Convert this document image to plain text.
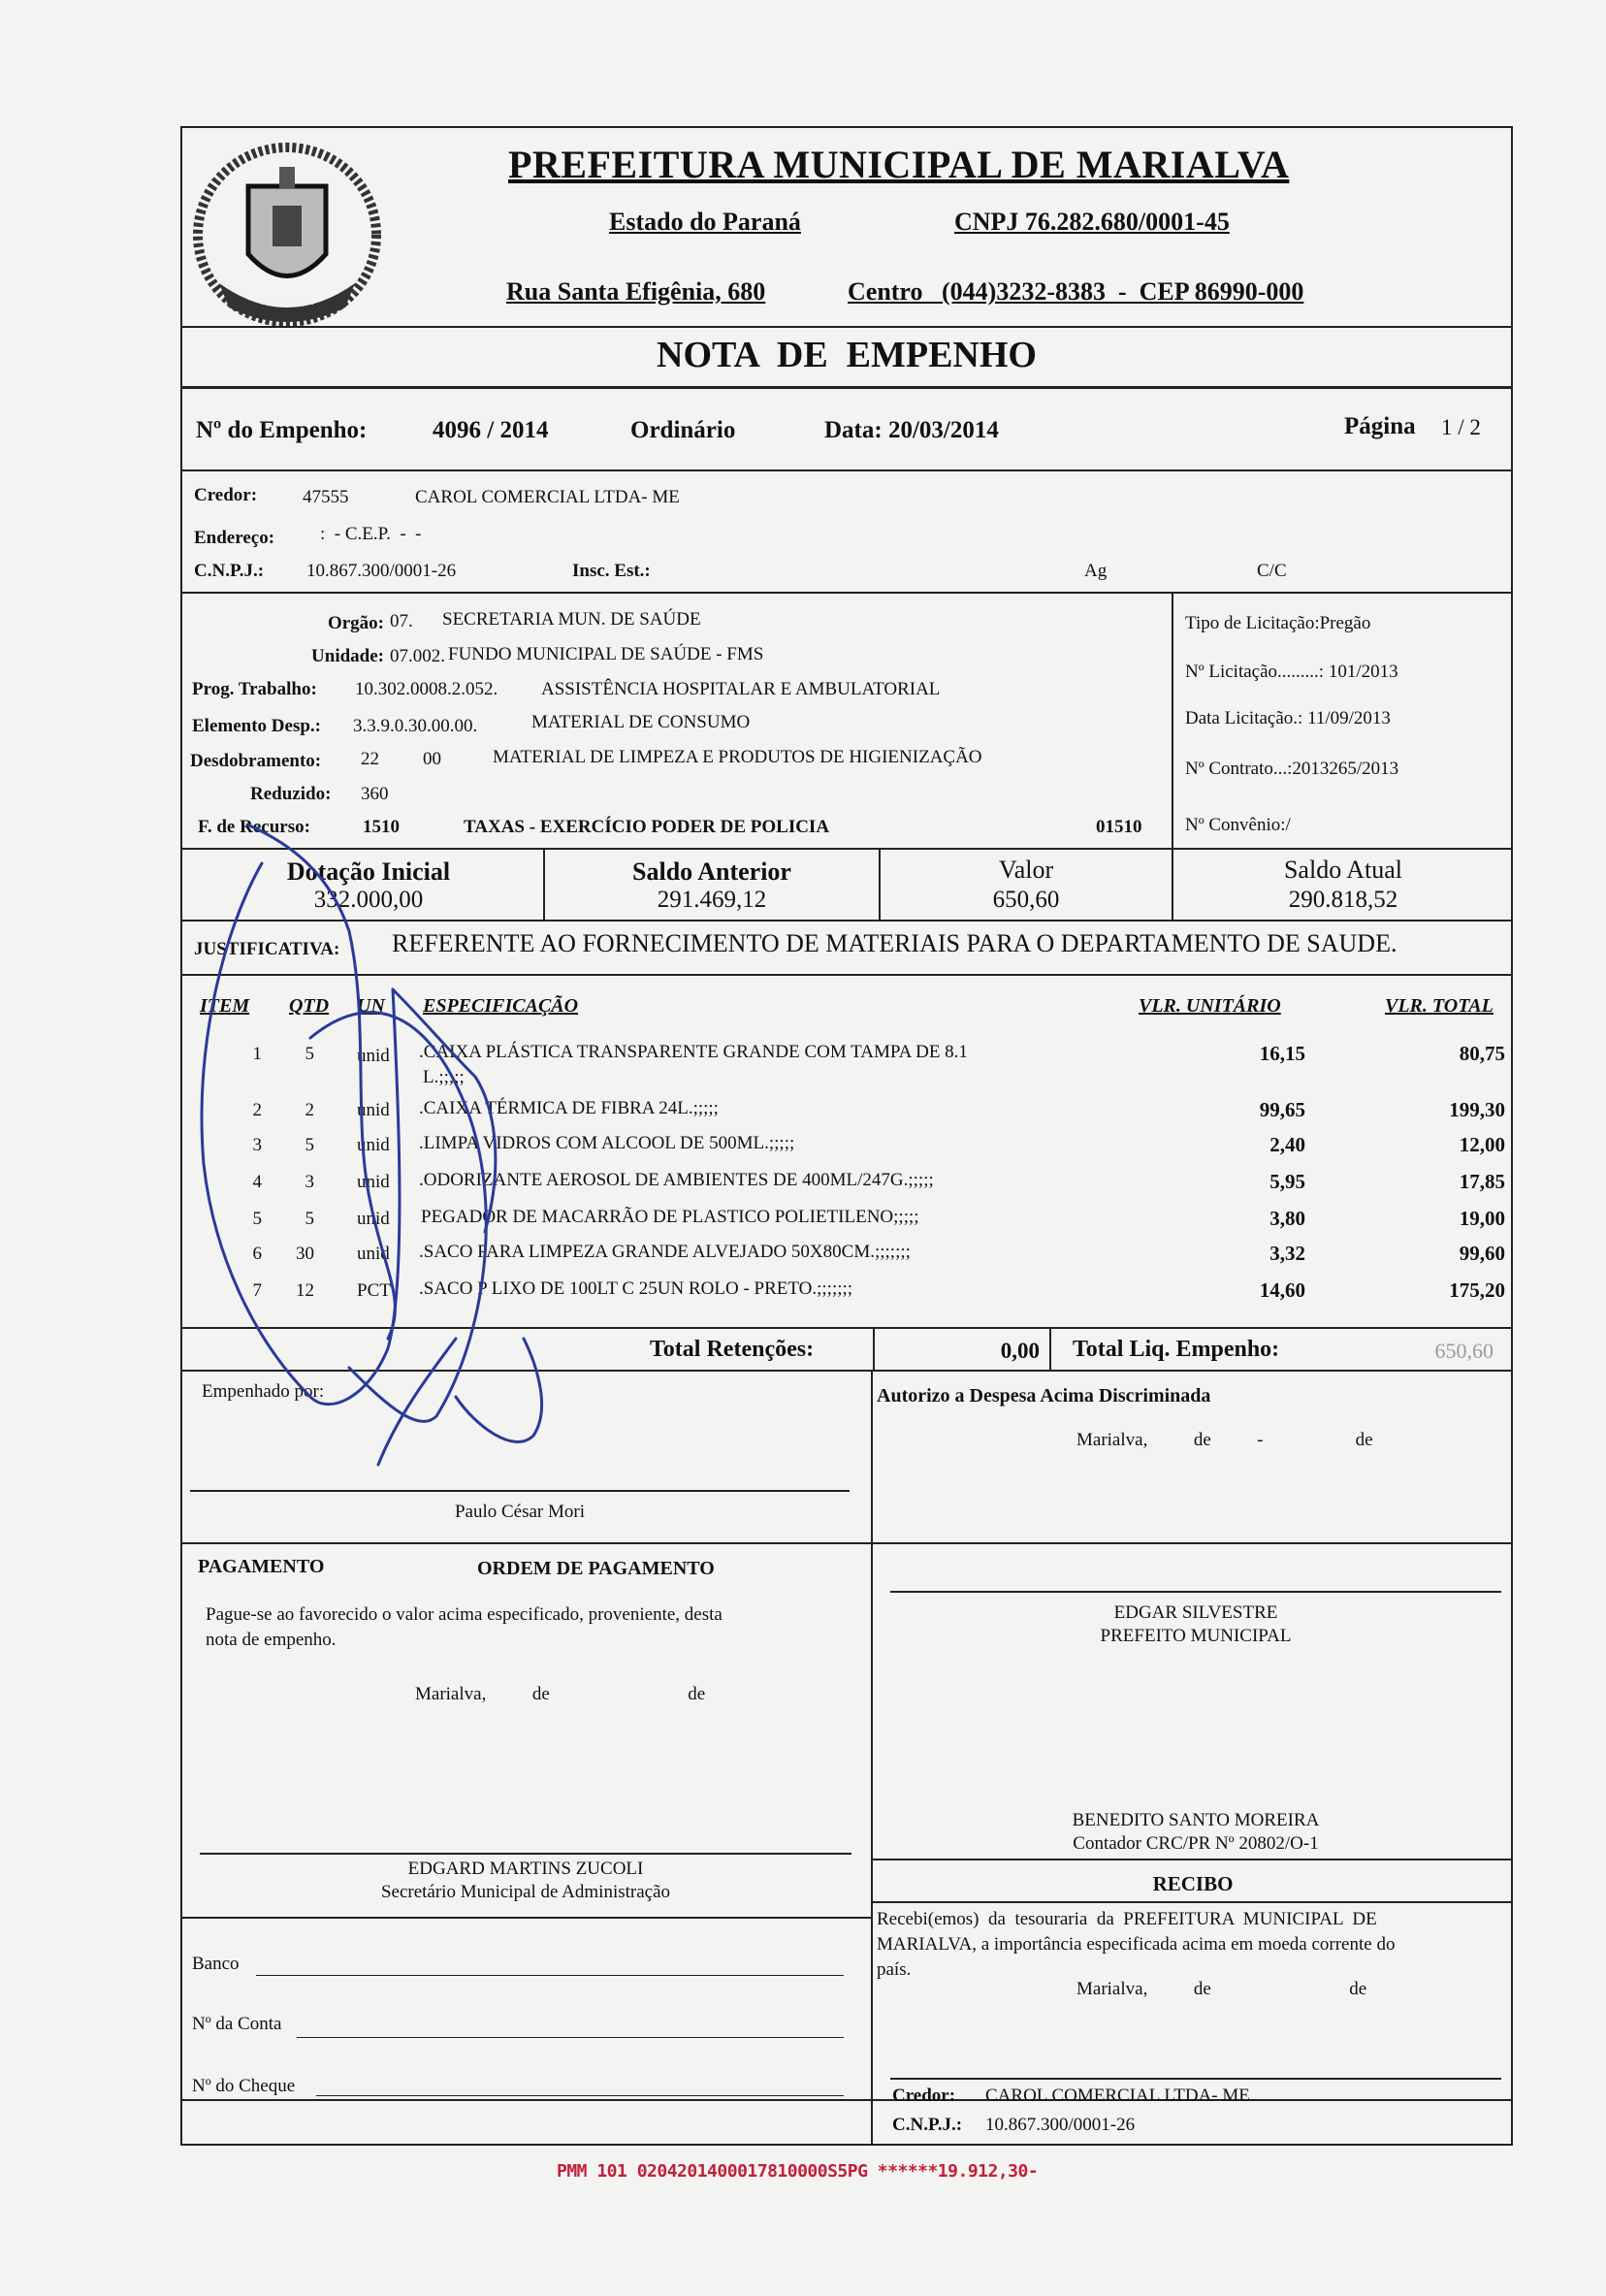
MARIALVA
PREFEITURA MUNICIPAL DE MARIALVA
Estado do Paraná	CNPJ 76.282.680/0001-45
Rua Santa Efigênia, 680	Centro   (044)3232-8383  -  CEP 86990-000
NOTA  DE  EMPENHO
Nº do Empenho:	4096 / 2014	Ordinário	Data: 20/03/2014	Página 1 / 2
Credor: 47555	CAROL COMERCIAL LTDA- ME
Endereço: :  - C.E.P.  -  -
C.N.P.J.: 10.867.300/0001-26	Insc. Est.:	Ag	C/C
Orgão: 07. SECRETARIA MUN. DE SAÚDE
Unidade: 07.002. FUNDO MUNICIPAL DE SAÚDE - FMS
Prog. Trabalho: 10.302.0008.2.052. ASSISTÊNCIA HOSPITALAR E AMBULATORIAL
Elemento Desp.: 3.3.9.0.30.00.00.	MATERIAL DE CONSUMO
Desdobramento: 22 00	MATERIAL DE LIMPEZA E PRODUTOS DE HIGIENIZAÇÃO
Reduzido: 360
F. de Recurso:	1510	TAXAS - EXERCÍCIO PODER DE POLICIA	01510
Tipo de Licitação:Pregão
Nº Licitação.........: 101/2013
Data Licitação.: 11/09/2013
Nº Contrato...:2013265/2013
Nº Convênio:/
Dotação Inicial
332.000,00
Saldo Anterior
291.469,12
Valor
650,60
Saldo Atual
290.818,52
JUSTIFICATIVA: REFERENTE AO FORNECIMENTO DE MATERIAIS PARA O DEPARTAMENTO DE SAUDE.
ITEM QTD UN ESPECIFICAÇÃO	VLR. UNITÁRIO	VLR. TOTAL
1	5 unid .CAIXA PLÁSTICA TRANSPARENTE GRANDE COM TAMPA DE 8.1
L.;;;;;
16,15	80,75
2	2 unid .CAIXA TÉRMICA DE FIBRA 24L.;;;;;	99,65	199,30
3	5 unid .LIMPA VIDROS COM ALCOOL DE 500ML.;;;;;	2,40	12,00
4	3 unid .ODORIZANTE AEROSOL DE AMBIENTES DE 400ML/247G.;;;;;	5,95	17,85
5	5 unid PEGADOR DE MACARRÃO DE PLASTICO POLIETILENO;;;;;	3,80	19,00
6	30 unid .SACO PARA LIMPEZA GRANDE ALVEJADO 50X80CM.;;;;;;;	3,32	99,60
7	12 PCT .SACO P LIXO DE 100LT C 25UN ROLO - PRETO.;;;;;;;	14,60	175,20
Total Retenções:	0,00 Total Liq. Empenho:	650,60
Empenhado por:
Paulo César Mori
Autorizo a Despesa Acima Discriminada
Marialva,          de          -                    de
PAGAMENTO	ORDEM DE PAGAMENTO
Pague-se ao favorecido o valor acima especificado, proveniente, desta
nota de empenho.
Marialva,          de                              de
EDGAR SILVESTRE
PREFEITO MUNICIPAL
BENEDITO SANTO MOREIRA
Contador CRC/PR Nº 20802/O-1
RECIBO
Recebi(emos)  da  tesouraria  da  PREFEITURA  MUNICIPAL  DE
MARIALVA, a importância especificada acima em moeda corrente do
país.
Marialva,          de                              de
EDGARD MARTINS ZUCOLI
Secretário Municipal de Administração
Banco
Nº da Conta
Nº do Cheque	Credor: CAROL COMERCIAL LTDA- ME
C.N.P.J.: 10.867.300/0001-26
PMM 101 0204201400017810000S5PG ******19.912,30-
